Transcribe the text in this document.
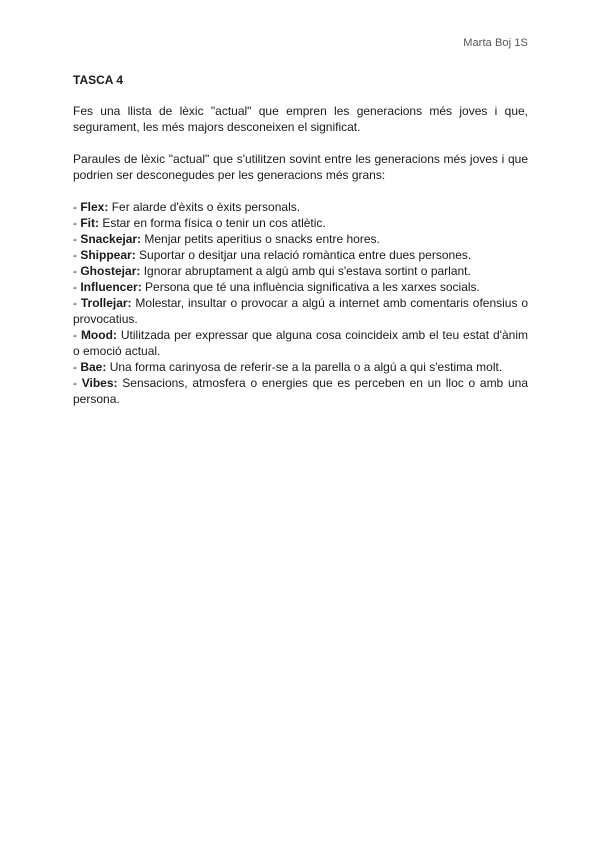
Marta Boj 1S
TASCA 4

Fes una llista de lèxic "actual" que empren les generacions més joves i que, segurament, les més majors desconeixen el significat.

Paraules de lèxic "actual" que s'utilitzen sovint entre les generacions més joves i que podrien ser desconegudes per les generacions més grans:

- Flex: Fer alarde d'èxits o èxits personals.
- Fit: Estar en forma física o tenir un cos atlètic.
- Snackejar: Menjar petits aperitius o snacks entre hores.
- Shippear: Suportar o desitjar una relació romàntica entre dues persones.
- Ghostejar: Ignorar abruptament a algú amb qui s'estava sortint o parlant.
- Influencer: Persona que té una influència significativa a les xarxes socials.
- Trollejar: Molestar, insultar o provocar a algú a internet amb comentaris ofensius o provocatius.
- Mood: Utilitzada per expressar que alguna cosa coincideix amb el teu estat d'ànim o emoció actual.
- Bae: Una forma carinyosa de referir-se a la parella o a algú a qui s'estima molt.
- Vibes: Sensacions, atmosfera o energies que es perceben en un lloc o amb una persona.
